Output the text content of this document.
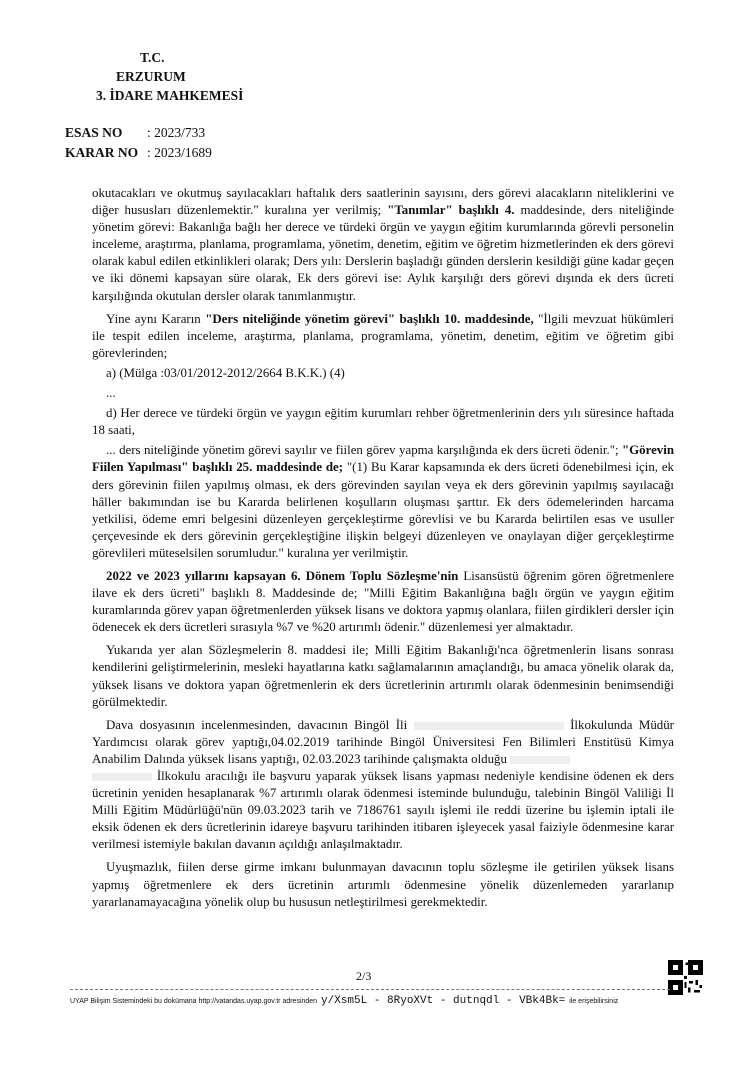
T.C.
ERZURUM
3. İDARE MAHKEMESİ
ESAS NO : 2023/733
KARAR NO : 2023/1689

okutacakları ve okutmuş sayılacakları haftalık ders saatlerinin sayısını, ders görevi alacakların niteliklerini ve diğer hususları düzenlemektir." kuralına yer verilmiş; "Tanımlar" başlıklı 4. maddesinde, ders niteliğinde yönetim görevi: Bakanlığa bağlı her derece ve türdeki örgün ve yaygın eğitim kurumlarında görevli personelin inceleme, araştırma, planlama, programlama, yönetim, denetim, eğitim ve öğretim hizmetlerinden ek ders görevi olarak kabul edilen etkinlikleri olarak; Ders yılı: Derslerin başladığı günden derslerin kesildiği güne kadar geçen ve iki dönemi kapsayan süre olarak, Ek ders görevi ise: Aylık karşılığı ders görevi dışında ek ders ücreti karşılığında okutulan dersler olarak tanımlanmıştır.

Yine aynı Kararın "Ders niteliğinde yönetim görevi" başlıklı 10. maddesinde, "İlgili mevzuat hükümleri ile tespit edilen inceleme, araştırma, planlama, programlama, yönetim, denetim, eğitim ve öğretim gibi görevlerinden;

a) (Mülga :03/01/2012-2012/2664 B.K.K.) (4)

...

d) Her derece ve türdeki örgün ve yaygın eğitim kurumları rehber öğretmenlerinin ders yılı süresince haftada 18 saati,

... ders niteliğinde yönetim görevi sayılır ve fiilen görev yapma karşılığında ek ders ücreti ödenir."; "Görevin Fiilen Yapılması" başlıklı 25. maddesinde de; "(1) Bu Karar kapsamında ek ders ücreti ödenebilmesi için, ek ders görevinin fiilen yapılmış olması, ek ders görevinden sayılan veya ek ders görevinin yapılmış sayılacağı hâller bakımından ise bu Kararda belirlenen koşulların oluşması şarttır. Ek ders ödemelerinden harcama yetkilisi, ödeme emri belgesini düzenleyen gerçekleştirme görevlisi ve bu Kararda belirtilen esas ve usuller çerçevesinde ek ders görevinin gerçekleştiğine ilişkin belgeyi düzenleyen ve onaylayan diğer gerçekleştirme görevlileri müteselsilen sorumludur." kuralına yer verilmiştir.

2022 ve 2023 yıllarını kapsayan 6. Dönem Toplu Sözleşme'nin Lisansüstü öğrenim gören öğretmenlere ilave ek ders ücreti" başlıklı 8. Maddesinde de; "Milli Eğitim Bakanlığına bağlı örgün ve yaygın eğitim kuramlarında görev yapan öğretmenlerden yüksek lisans ve doktora yapmış olanlara, fiilen girdikleri dersler için ödenecek ek ders ücretleri sırasıyla %7 ve %20 artırımlı ödenir." düzenlemesi yer almaktadır.

Yukarıda yer alan Sözleşmelerin 8. maddesi ile; Milli Eğitim Bakanlığı'nca öğretmenlerin lisans sonrası kendilerini geliştirmelerinin, mesleki hayatlarına katkı sağlamalarının amaçlandığı, bu amaca yönelik olarak da, yüksek lisans ve doktora yapan öğretmenlerin ek ders ücretlerinin artırımlı olarak ödenmesinin benimsendiği görülmektedir.

Dava dosyasının incelenmesinden, davacının Bingöl İli	İlkokulunda Müdür Yardımcısı olarak görev yaptığı,04.02.2019 tarihinde Bingöl Üniversitesi Fen Bilimleri Enstitüsü Kimya Anabilim Dalında yüksek lisans yaptığı, 02.03.2023 tarihinde çalışmakta olduğu
İlkokulu aracılığı ile başvuru yaparak yüksek lisans yapması nedeniyle kendisine ödenen ek ders ücretinin yeniden hesaplanarak %7 artırımlı olarak ödenmesi isteminde bulunduğu, talebinin Bingöl Valiliği İl Milli Eğitim Müdürlüğü'nün 09.03.2023 tarih ve 7186761 sayılı işlemi ile reddi üzerine bu işlemin iptali ile eksik ödenen ek ders ücretlerinin idareye başvuru tarihinden itibaren işleyecek yasal faiziyle ödenmesine karar verilmesi istemiyle bakılan davanın açıldığı anlaşılmaktadır.

Uyuşmazlık, fiilen derse girme imkanı bulunmayan davacının toplu sözleşme ile getirilen yüksek lisans yapmış öğretmenlere ek ders ücretinin artırımlı ödenmesine yönelik düzenlemeden yararlanıp yararlanamayacağına yönelik olup bu hususun netleştirilmesi gerekmektedir.

2/3
UYAP Bilişim Sistemindeki bu dokümana http://vatandas.uyap.gov.tr adresinden y/Xsm5L - 8RyoXVt - dutnqdl - VBk4Bk= ile erişebilirsiniz
